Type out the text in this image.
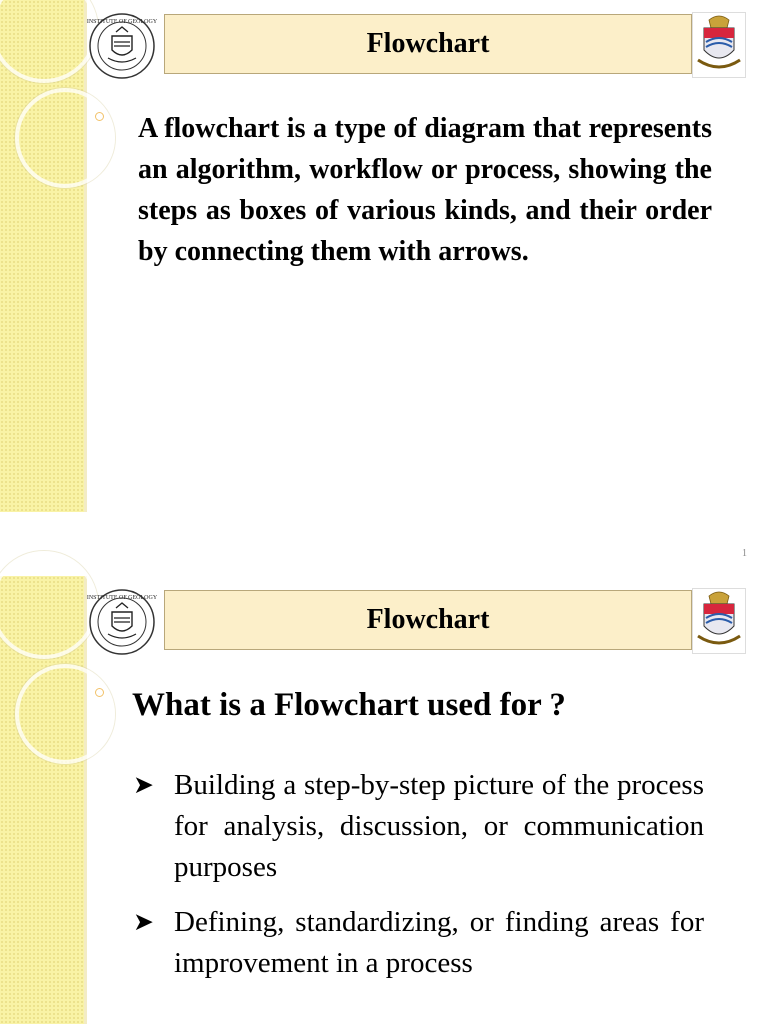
INSTITUTE OF GEOLOGY
Flowchart

A flowchart is a type of diagram that represents an algorithm, workflow or process, showing the steps as boxes of various kinds, and their order by connecting them with arrows.

1
INSTITUTE OF GEOLOGY
Flowchart
What is a Flowchart used for ?
➤ Building a step-by-step picture of the process for analysis, discussion, or communication purposes
➤ Defining, standardizing, or finding areas for improvement in a process
